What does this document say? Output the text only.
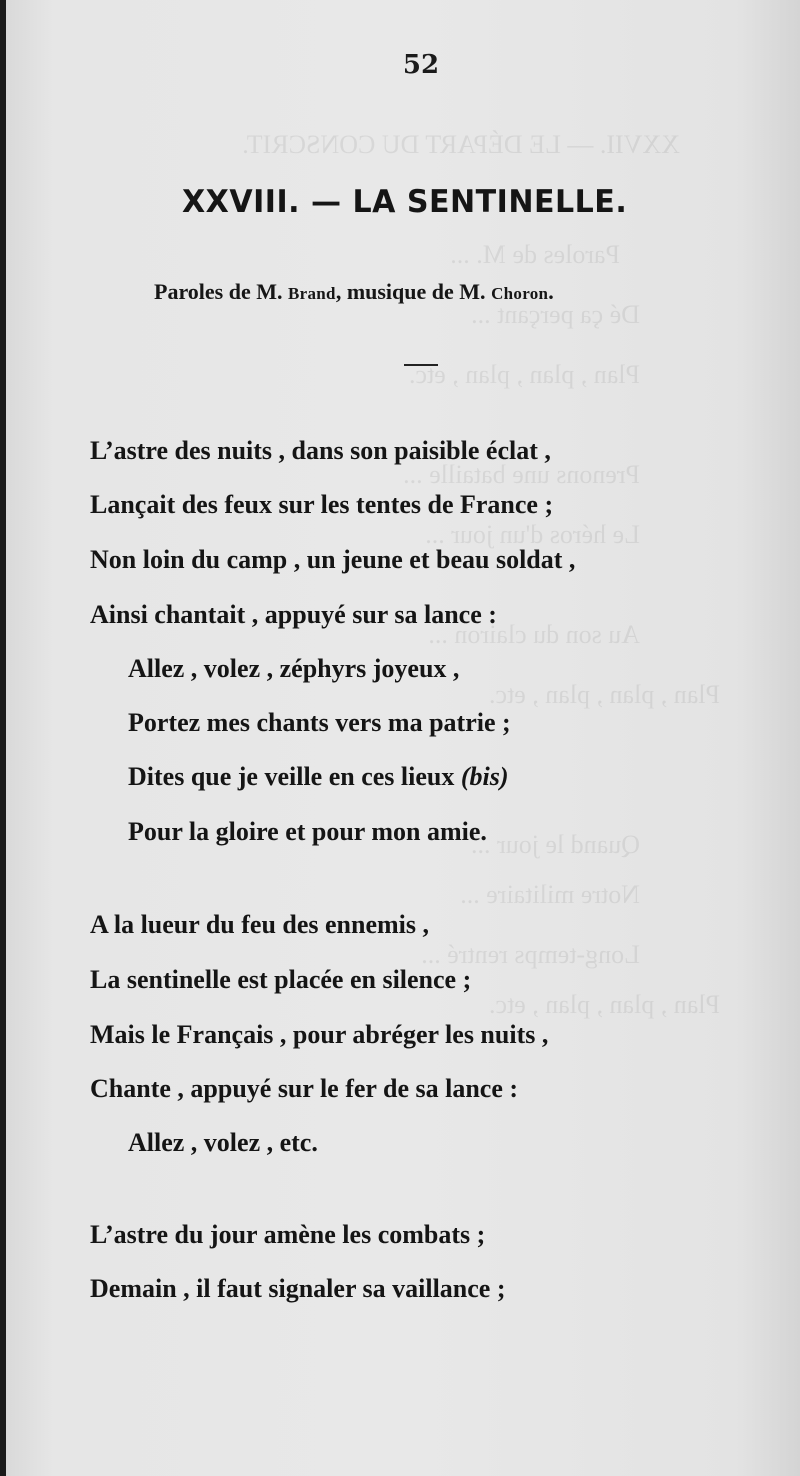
XXVII. — LE DÉPART DU CONSCRIT.
Paroles de M. ...
Dé ça perçant ...
Plan , plan , plan , etc.
Prenons une bataille ...
Le héros d'un jour ...
Au son du clairon ...
Plan , plan , plan , etc.
Quand le jour ...
Notre militaire ...
Long-temps rentré ...
Plan , plan , plan , etc.
52
XXVIII. — LA SENTINELLE.
Paroles de M. Brand, musique de M. Choron.
L’astre des nuits , dans son paisible éclat ,
Lançait des feux sur les tentes de France ;
Non loin du camp , un jeune et beau soldat ,
Ainsi chantait , appuyé sur sa lance :
Allez , volez , zéphyrs joyeux ,
Portez mes chants vers ma patrie ;
Dites que je veille en ces lieux (bis)
Pour la gloire et pour mon amie.
A la lueur du feu des ennemis ,
La sentinelle est placée en silence ;
Mais le Français , pour abréger les nuits ,
Chante , appuyé sur le fer de sa lance :
Allez , volez , etc.
L’astre du jour amène les combats ;
Demain , il faut signaler sa vaillance ;
